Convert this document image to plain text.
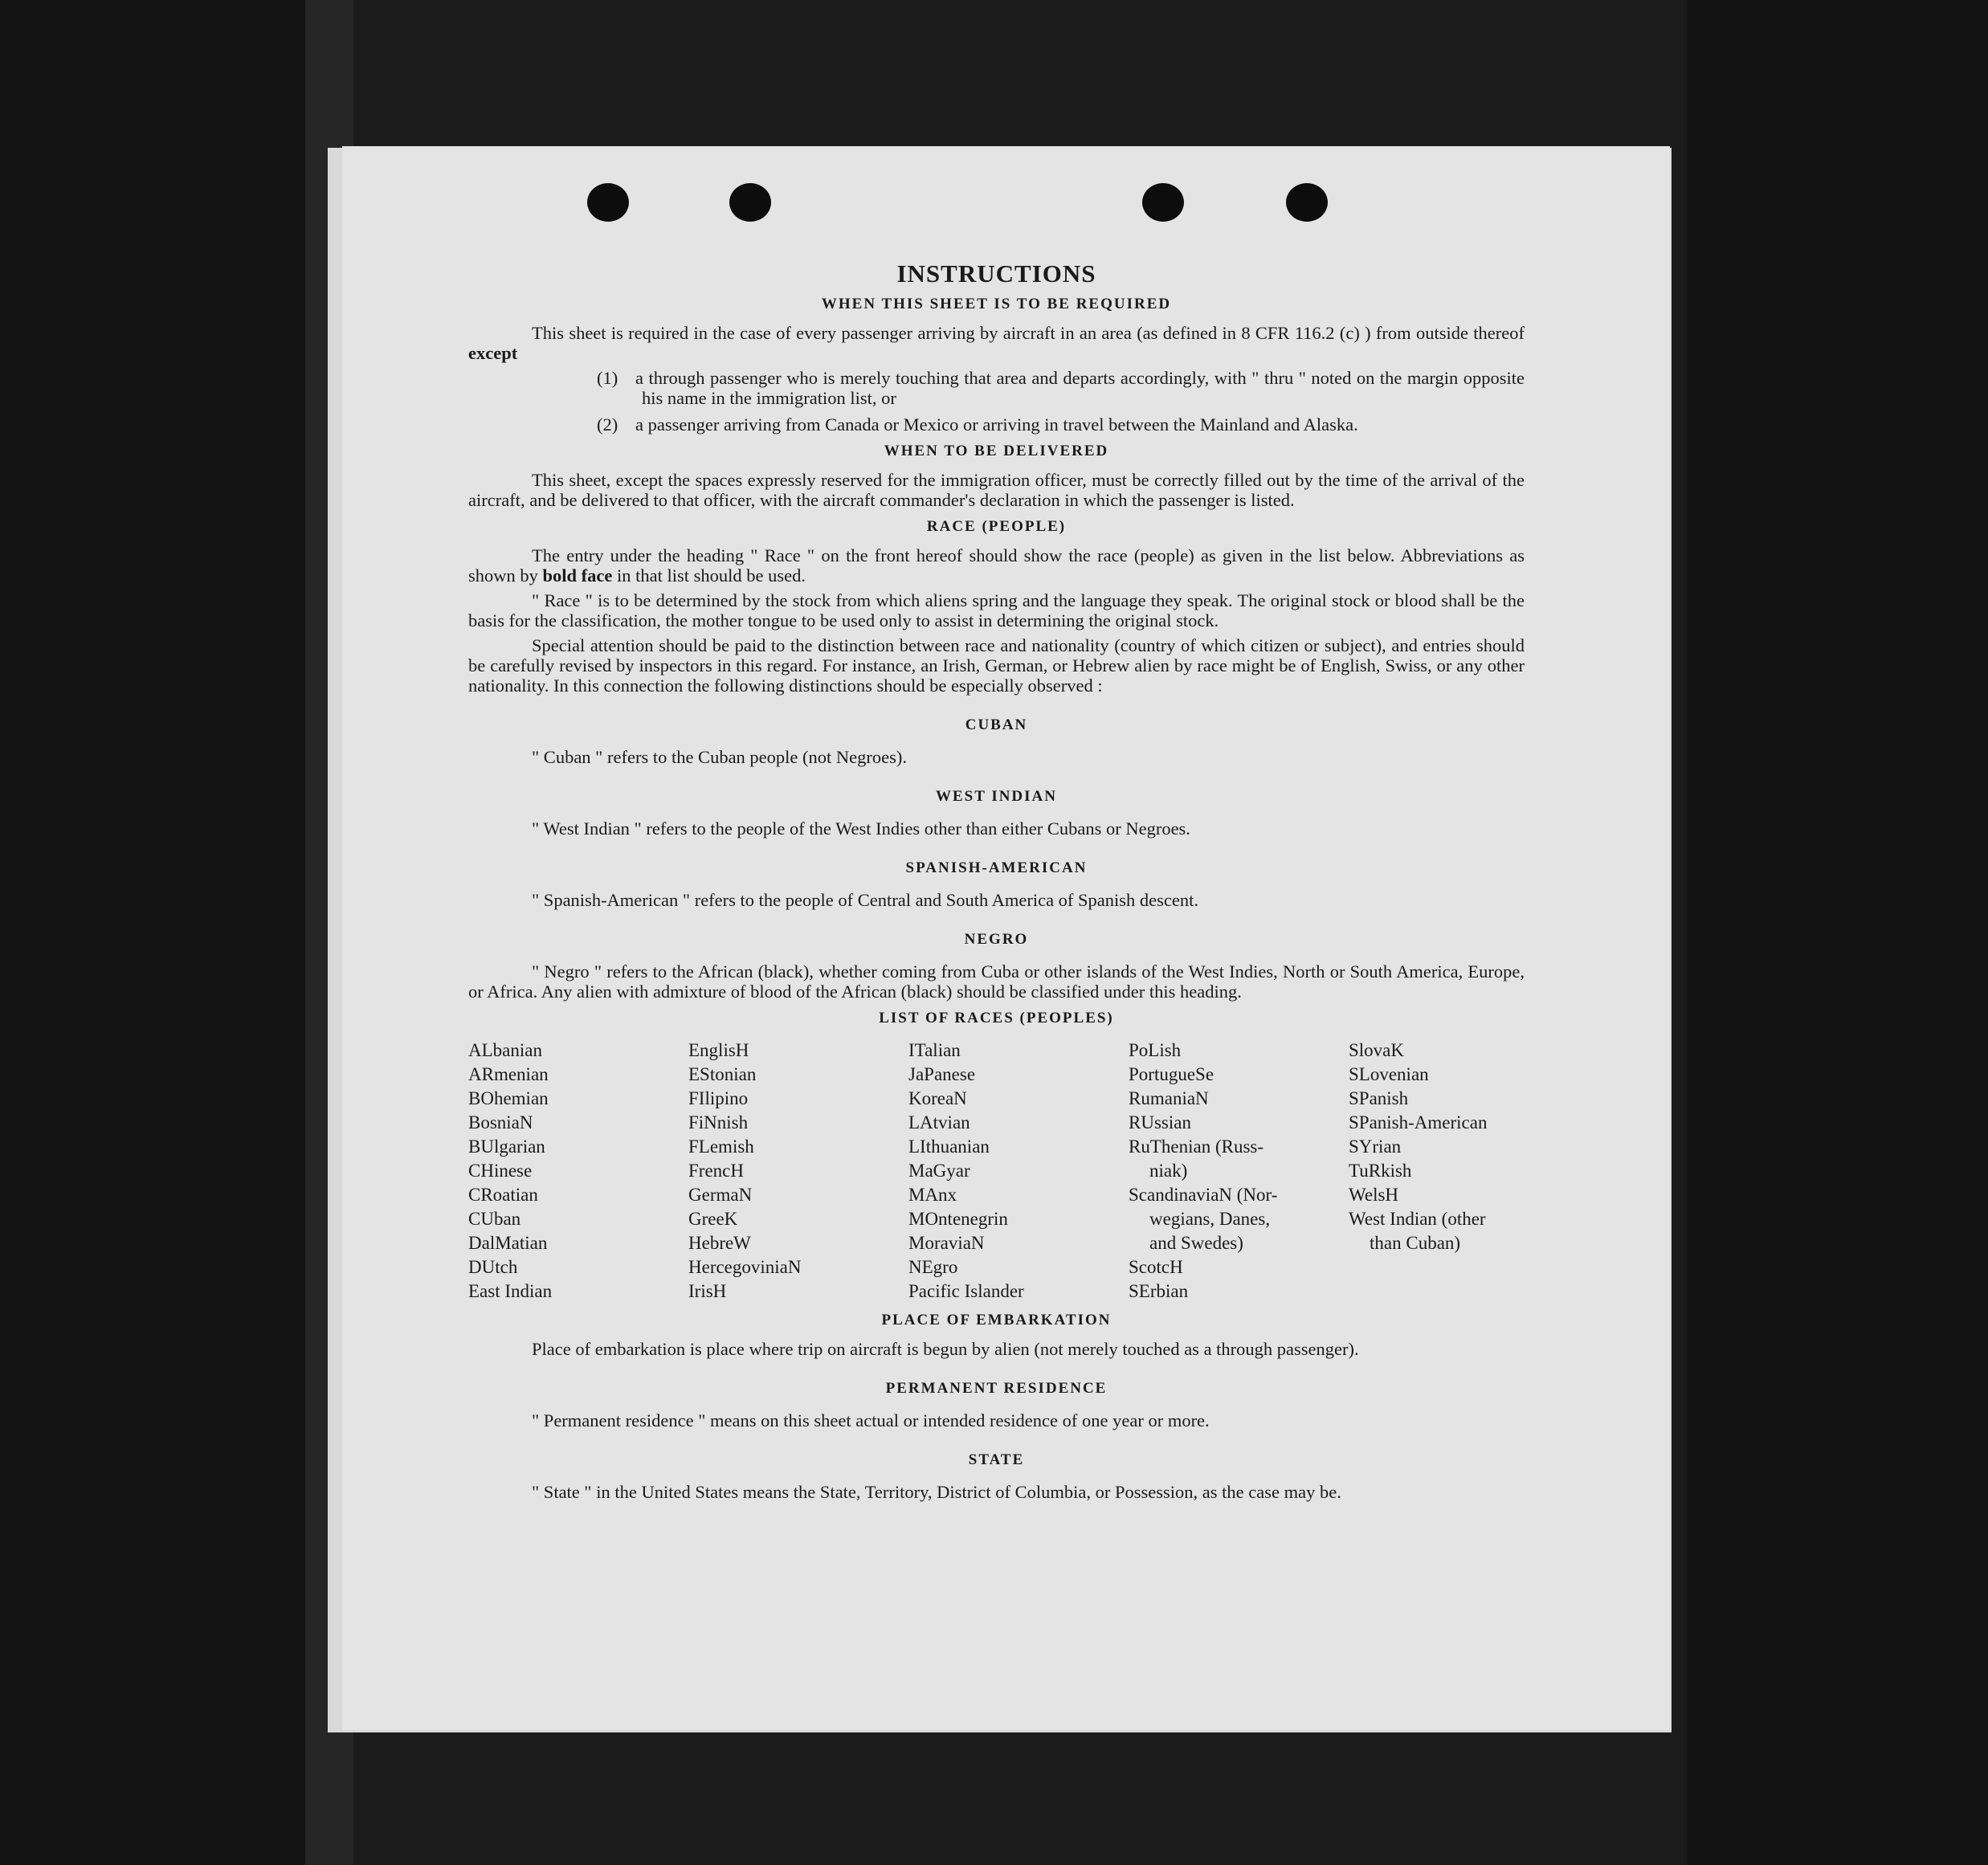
INSTRUCTIONS
WHEN THIS SHEET IS TO BE REQUIRED

This sheet is required in the case of every passenger arriving by aircraft in an area (as defined in 8 CFR 116.2 (c) ) from outside thereof except

(1) a through passenger who is merely touching that area and departs accordingly, with " thru " noted on the margin opposite his name in the immigration list, or
(2) a passenger arriving from Canada or Mexico or arriving in travel between the Mainland and Alaska.
WHEN TO BE DELIVERED

This sheet, except the spaces expressly reserved for the immigration officer, must be correctly filled out by the time of the arrival of the aircraft, and be delivered to that officer, with the aircraft commander's declaration in which the passenger is listed.

RACE (PEOPLE)

The entry under the heading " Race " on the front hereof should show the race (people) as given in the list below. Abbreviations as shown by bold face in that list should be used.

" Race " is to be determined by the stock from which aliens spring and the language they speak. The original stock or blood shall be the basis for the classification, the mother tongue to be used only to assist in determining the original stock.

Special attention should be paid to the distinction between race and nationality (country of which citizen or subject), and entries should be carefully revised by inspectors in this regard. For instance, an Irish, German, or Hebrew alien by race might be of English, Swiss, or any other nationality. In this connection the following distinctions should be especially observed :

CUBAN

" Cuban " refers to the Cuban people (not Negroes).

WEST INDIAN

" West Indian " refers to the people of the West Indies other than either Cubans or Negroes.

SPANISH-AMERICAN

" Spanish-American " refers to the people of Central and South America of Spanish descent.

NEGRO

" Negro " refers to the African (black), whether coming from Cuba or other islands of the West Indies, North or South America, Europe, or Africa. Any alien with admixture of blood of the African (black) should be classified under this heading.

LIST OF RACES (PEOPLES)
ALbanian
ARmenian
BOhemian
BosniaN
BUlgarian
CHinese
CRoatian
CUban
DalMatian
DUtch
East Indian
EnglisH
EStonian
FIlipino
FiNnish
FLemish
FrencH
GermaN
GreeK
HebreW
HercegoviniaN
IrisH
ITalian
JaPanese
KoreaN
LAtvian
LIthuanian
MaGyar
MAnx
MOntenegrin
MoraviaN
NEgro
Pacific Islander
PoLish
PortugueSe
RumaniaN
RUssian
RuThenian (Russ-
niak)
ScandinaviaN (Nor-
wegians, Danes,
and Swedes)
ScotcH
SErbian
SlovaK
SLovenian
SPanish
SPanish-American
SYrian
TuRkish
WelsH
West Indian (other
than Cuban)
PLACE OF EMBARKATION

Place of embarkation is place where trip on aircraft is begun by alien (not merely touched as a through passenger).

PERMANENT RESIDENCE

" Permanent residence " means on this sheet actual or intended residence of one year or more.

STATE

" State " in the United States means the State, Territory, District of Columbia, or Possession, as the case may be.
